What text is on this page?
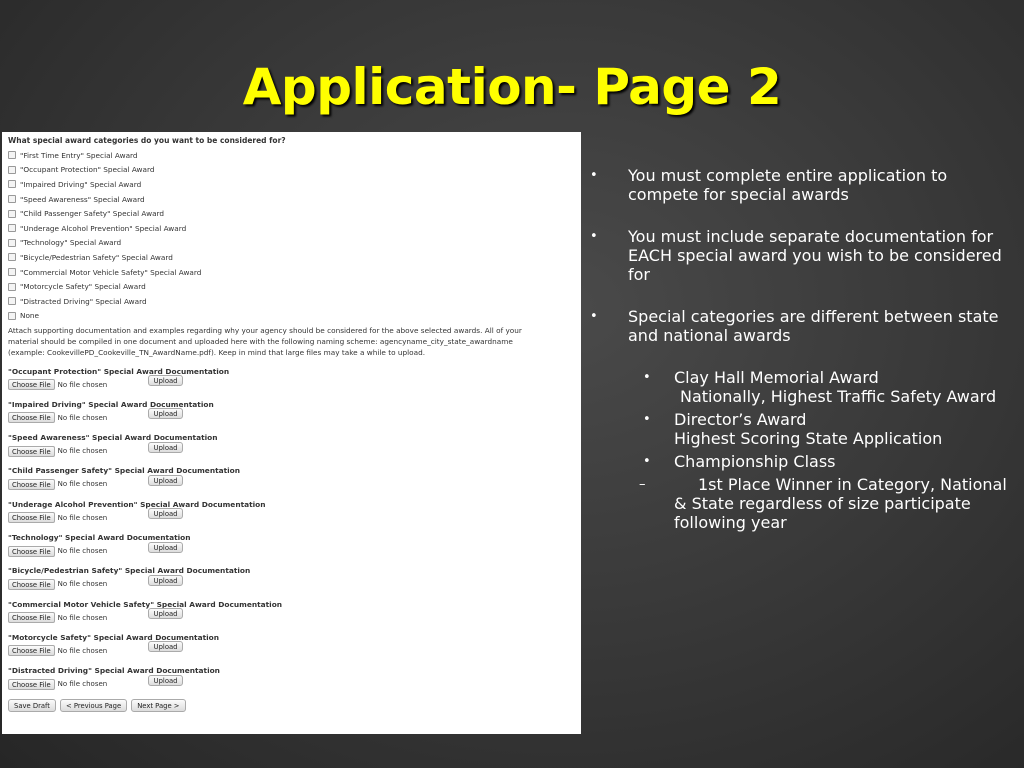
Application- Page 2
What special award categories do you want to be considered for?
"First Time Entry" Special Award
"Occupant Protection" Special Award
"Impaired Driving" Special Award
"Speed Awareness" Special Award
"Child Passenger Safety" Special Award
"Underage Alcohol Prevention" Special Award
"Technology" Special Award
"Bicycle/Pedestrian Safety" Special Award
"Commercial Motor Vehicle Safety" Special Award
"Motorcycle Safety" Special Award
"Distracted Driving" Special Award
None
Attach supporting documentation and examples regarding why your agency should be considered for the above selected awards. All of your
material should be compiled in one document and uploaded here with the following naming scheme: agencyname_city_state_awardname
(example: CookevillePD_Cookeville_TN_AwardName.pdf). Keep in mind that large files may take a while to upload.
"Occupant Protection" Special Award Documentation
Choose File	No file chosen	Upload
"Impaired Driving" Special Award Documentation
Choose File	No file chosen	Upload
"Speed Awareness" Special Award Documentation
Choose File	No file chosen	Upload
"Child Passenger Safety" Special Award Documentation
Choose File	No file chosen	Upload
"Underage Alcohol Prevention" Special Award Documentation
Choose File	No file chosen	Upload
"Technology" Special Award Documentation
Choose File	No file chosen	Upload
"Bicycle/Pedestrian Safety" Special Award Documentation
Choose File	No file chosen	Upload
"Commercial Motor Vehicle Safety" Special Award Documentation
Choose File	No file chosen	Upload
"Motorcycle Safety" Special Award Documentation
Choose File	No file chosen	Upload
"Distracted Driving" Special Award Documentation
Choose File	No file chosen	Upload
Save Draft	< Previous Page	Next Page >
• You must complete entire application to compete for special awards
• You must include separate documentation for EACH special award you wish to be considered for
• Special categories are different between state and national awards
• Clay Hall Memorial Award
Nationally, Highest Traffic Safety Award
• Director’s Award
Highest Scoring State Application
• Championship Class
–	1st Place Winner in Category, National & State regardless of size participate following year
